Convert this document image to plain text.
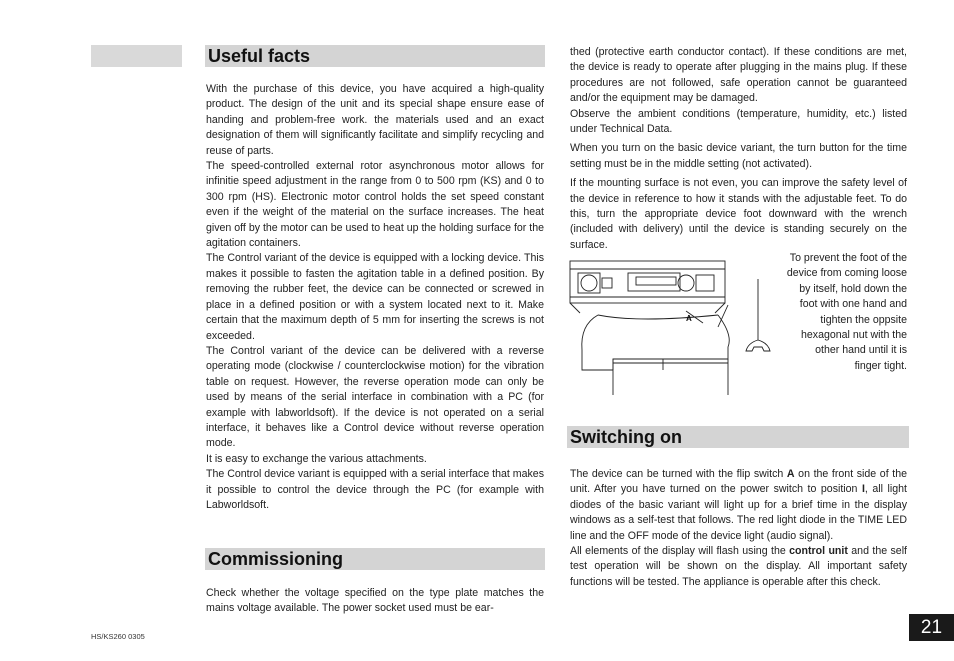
Useful facts

With the purchase of this device, you have acquired a high-quality product. The design of the unit and its special shape ensure ease of handing and problem-free work. the materials used and an exact designation of them will significantly facilitate and simplify recycling and reuse of parts.

The speed-controlled external rotor asynchronous motor allows for infinitie speed adjustment in the range from 0 to 500 rpm (KS) and 0 to 300 rpm (HS). Electronic motor control holds the set speed constant even if the weight of the material on the surface increases. The heat given off by the motor can be used to heat up the holding surface for the agitation containers.

The Control variant of the device is equipped with a locking device. This makes it possible to fasten the agitation table in a defined position. By removing the rubber feet, the device can be connected or screwed in place in a defined position or with a system located next to it. Make certain that the maximum depth of 5 mm for inserting the screws is not exceeded.

The Control variant of the device can be delivered with a reverse operating mode (clockwise / counterclockwise motion) for the vibration table on request. However, the reverse operation mode can only be used by means of the serial interface in combination with a PC (for example with labworldsoft). If the device is not operated on a serial interface, it behaves like a Control device without reverse operation mode.

It is easy to exchange the various attachments.

The Control device variant is equipped with a serial interface that makes it possible to control the device through the PC (for example with Labworldsoft.

Commissioning

Check whether the voltage specified on the type plate matches the mains voltage available. The power socket used must be ear-

thed (protective earth conductor contact). If these conditions are met, the device is ready to operate after plugging in the mains plug. If these procedures are not followed, safe operation cannot be guaranteed and/or the equipment may be damaged.

Observe the ambient conditions (temperature, humidity, etc.) listed under Technical Data.

When you turn on the basic device variant, the turn button for the time setting must be in the middle setting (not activated).

If the mounting surface is not even, you can improve the safety level of the device in reference to how it stands with the adjustable feet. To do this, turn the appropriate device foot downward with the wrench (included with delivery) until the device is standing securely on the surface.

A

To prevent the foot of the device from coming loose by itself, hold down the foot with one hand and tighten the oppsite hexagonal nut with the other hand until it is finger tight.

Switching on

The device can be turned with the flip switch A on the front side of the unit. After you have turned on the power switch to position I, all light diodes of the basic variant will light up for a brief time in the display windows as a self-test that follows. The red light diode in the TIME LED line and the OFF mode of the device light (audio signal).

All elements of the display will flash using the control unit and the self test operation will be shown on the display. All important safety functions will be tested. The appliance is operable after this check.

HS/KS260 0305	21
